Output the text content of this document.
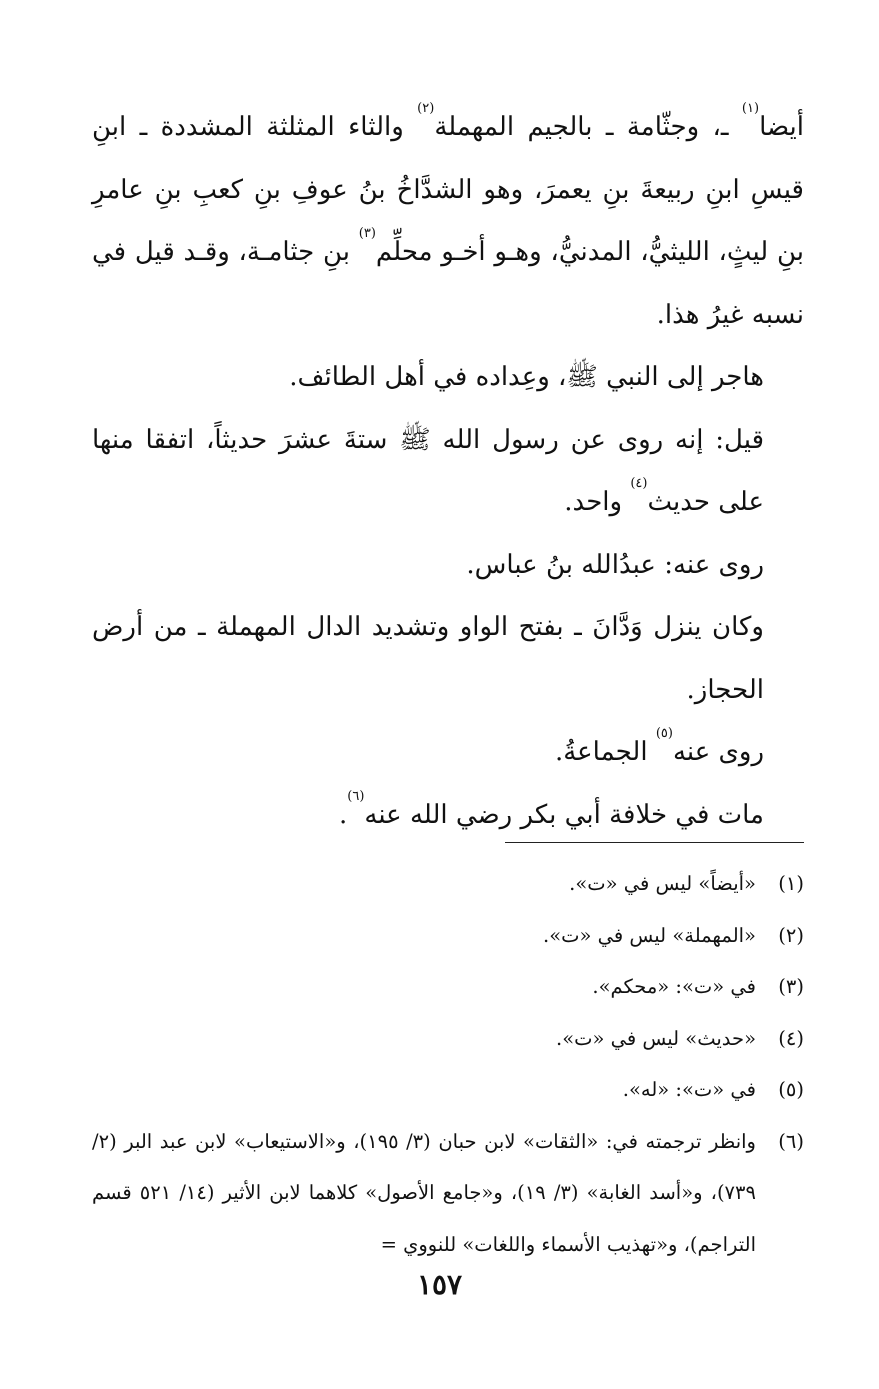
أيضا$^{(١)}$ ـ، وجثّامة ـ بالجيم المهملة$^{(٢)}$ والثاء المثلثة المشددة ـ ابنِ قيسِ ابنِ ربيعةَ بنِ يعمرَ، وهو الشدَّاخُ بنُ عوفِ بنِ كعبِ بنِ عامرِ بنِ ليثٍ، الليثيُّ، المدنيُّ، وهـو أخـو محلِّم$^{(٣)}$ بنِ جثامـة، وقـد قيل في نسبه غيرُ هذا.

هاجر إلى النبي ﷺ، وعِداده في أهل الطائف.

قيل: إنه روى عن رسول الله ﷺ ستةَ عشرَ حديثاً، اتفقا منها على حديث$^{(٤)}$ واحد.

روى عنه: عبدُالله بنُ عباس.

وكان ينزل وَدَّانَ ـ بفتح الواو وتشديد الدال المهملة ـ من أرض الحجاز.

روى عنه$^{(٥)}$ الجماعةُ.

مات في خلافة أبي بكر رضي الله عنه$^{(٦)}$.

(١)
«أيضاً» ليس في «ت».
(٢)
«المهملة» ليس في «ت».
(٣)
في «ت»: «محكم».
(٤)
«حديث» ليس في «ت».
(٥)
في «ت»: «له».
(٦)
وانظر ترجمته في: «الثقات» لابن حبان (٣/ ١٩٥)، و«الاستيعاب» لابن عبد البر (٢/ ٧٣٩)، و«أسد الغابة» (٣/ ١٩)، و«جامع الأصول» كلاهما لابن الأثير (١٤/ ٥٢١ قسم التراجم)، و«تهذيب الأسماء واللغات» للنووي =
١٥٧
